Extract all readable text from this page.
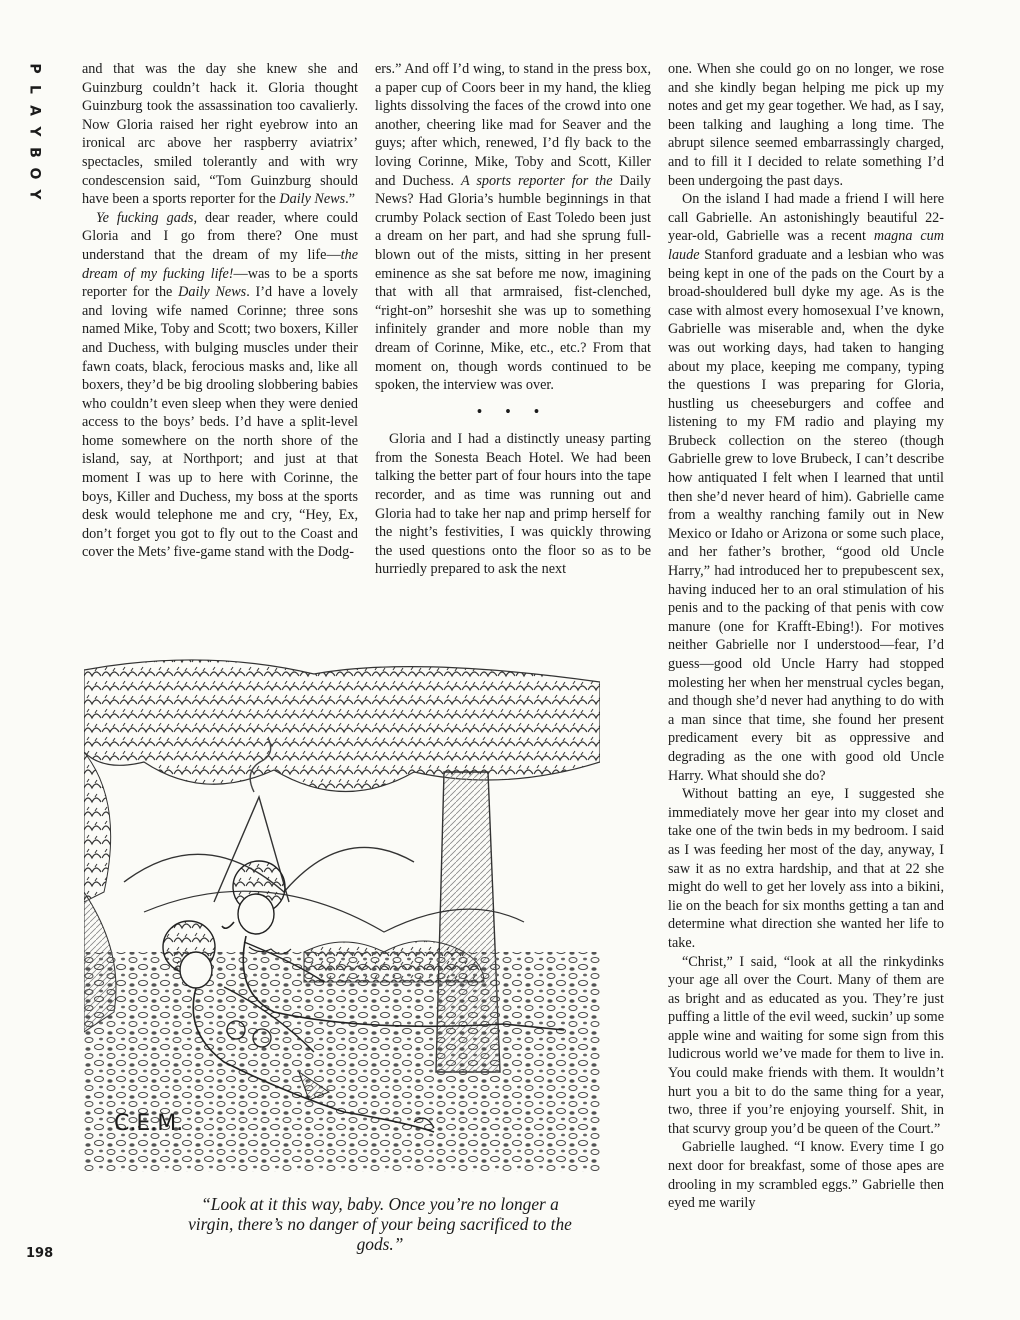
P
L
A
Y
B
O
Y

and that was the day she knew she and Guinzburg couldn’t hack it. Gloria thought Guinzburg took the assassination too cavalierly. Now Gloria raised her right eyebrow into an ironical arc above her raspberry aviatrix’ spectacles, smiled tolerantly and with wry condescension said, “Tom Guinzburg should have been a sports reporter for the Daily News.”

Ye fucking gads, dear reader, where could Gloria and I go from there? One must understand that the dream of my life—the dream of my fucking life!—was to be a sports reporter for the Daily News. I’d have a lovely and loving wife named Corinne; three sons named Mike, Toby and Scott; two boxers, Killer and Duchess, with bulging muscles under their fawn coats, black, ferocious masks and, like all boxers, they’d be big drooling slobbering babies who couldn’t even sleep when they were denied access to the boys’ beds. I’d have a split-level home somewhere on the north shore of the island, say, at Northport; and just at that moment I was up to here with Corinne, the boys, Killer and Duchess, my boss at the sports desk would telephone me and cry, “Hey, Ex, don’t forget you got to fly out to the Coast and cover the Mets’ five-game stand with the Dodg-

ers.” And off I’d wing, to stand in the press box, a paper cup of Coors beer in my hand, the klieg lights dissolving the faces of the crowd into one another, cheering like mad for Seaver and the guys; after which, renewed, I’d fly back to the loving Corinne, Mike, Toby and Scott, Killer and Duchess. A sports reporter for the Daily News? Had Gloria’s humble beginnings in that crumby Polack section of East Toledo been just a dream on her part, and had she sprung full-blown out of the mists, sitting in her present eminence as she sat before me now, imagining that with all that armraised, fist-clenched, “right-on” horseshit she was up to something infinitely grander and more noble than my dream of Corinne, Mike, etc., etc.? From that moment on, though words continued to be spoken, the interview was over.

• • •

Gloria and I had a distinctly uneasy parting from the Sonesta Beach Hotel. We had been talking the better part of four hours into the tape recorder, and as time was running out and Gloria had to take her nap and primp herself for the night’s festivities, I was quickly throwing the used questions onto the floor so as to be hurriedly prepared to ask the next

one. When she could go on no longer, we rose and she kindly began helping me pick up my notes and get my gear together. We had, as I say, been talking and laughing a long time. The abrupt silence seemed embarrassingly charged, and to fill it I decided to relate something I’d been undergoing the past days.

On the island I had made a friend I will here call Gabrielle. An astonishingly beautiful 22-year-old, Gabrielle was a recent magna cum laude Stanford graduate and a lesbian who was being kept in one of the pads on the Court by a broad-shouldered bull dyke my age. As is the case with almost every homosexual I’ve known, Gabrielle was miserable and, when the dyke was out working days, had taken to hanging about my place, keeping me company, typing the questions I was preparing for Gloria, hustling us cheeseburgers and coffee and listening to my FM radio and playing my Brubeck collection on the stereo (though Gabrielle grew to love Brubeck, I can’t describe how antiquated I felt when I learned that until then she’d never heard of him). Gabrielle came from a wealthy ranching family out in New Mexico or Idaho or Arizona or some such place, and her father’s brother, “good old Uncle Harry,” had introduced her to prepubescent sex, having induced her to an oral stimulation of his penis and to the packing of that penis with cow manure (one for Krafft-Ebing!). For motives neither Gabrielle nor I understood—fear, I’d guess—good old Uncle Harry had stopped molesting her when her menstrual cycles began, and though she’d never had anything to do with a man since that time, she found her present predicament every bit as oppressive and degrading as the one with good old Uncle Harry. What should she do?

Without batting an eye, I suggested she immediately move her gear into my closet and take one of the twin beds in my bedroom. I said as I was feeding her most of the day, anyway, I saw it as no extra hardship, and that at 22 she might do well to get her lovely ass into a bikini, lie on the beach for six months getting a tan and determine what direction she wanted her life to take.

“Christ,” I said, “look at all the rinkydinks your age all over the Court. Many of them are as bright and as educated as you. They’re just puffing a little of the evil weed, suckin’ up some apple wine and waiting for some sign from this ludicrous world we’ve made for them to live in. You could make friends with them. It wouldn’t hurt you a bit to do the same thing for a year, two, three if you’re enjoying yourself. Shit, in that scurvy group you’d be queen of the Court.”

Gabrielle laughed. “I know. Every time I go next door for breakfast, some of those apes are drooling in my scrambled eggs.” Gabrielle then eyed me warily

C.E.M.
“Look at it this way, baby. Once you’re no longer a virgin, there’s no danger of your being sacrificed to the gods.”
198
